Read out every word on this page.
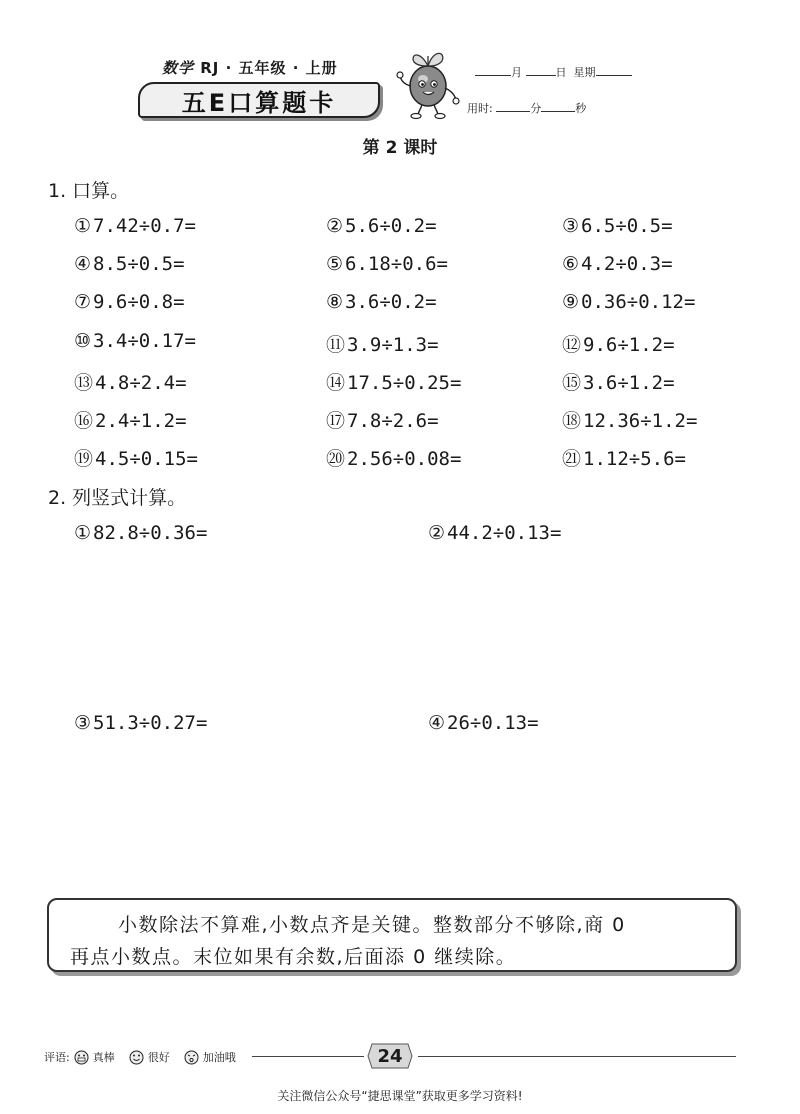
数学 RJ · 五年级 · 上册
五E口算题卡
月	日 星期
用时:	分	秒
第 2 课时
1. 口算。
① 7.42÷0.7=	② 5.6÷0.2=	③ 6.5÷0.5=
④ 8.5÷0.5=	⑤ 6.18÷0.6=	⑥ 4.2÷0.3=
⑦ 9.6÷0.8=	⑧ 3.6÷0.2=	⑨ 0.36÷0.12=
⑩ 3.4÷0.17=	⑪ 3.9÷1.3=	⑫ 9.6÷1.2=
⑬ 4.8÷2.4=	⑭ 17.5÷0.25=	⑮ 3.6÷1.2=
⑯ 2.4÷1.2=	⑰ 7.8÷2.6=	⑱ 12.36÷1.2=
⑲ 4.5÷0.15=	⑳ 2.56÷0.08=	㉑ 1.12÷5.6=
2. 列竖式计算。
① 82.8÷0.36=	② 44.2÷0.13=
③ 51.3÷0.27=	④ 26÷0.13=
小数除法不算难,小数点齐是关键。整数部分不够除,商 0
再点小数点。末位如果有余数,后面添 0 继续除。
评语: 真棒	很好	加油哦	24
关注微信公众号“捷思课堂”获取更多学习资料!
